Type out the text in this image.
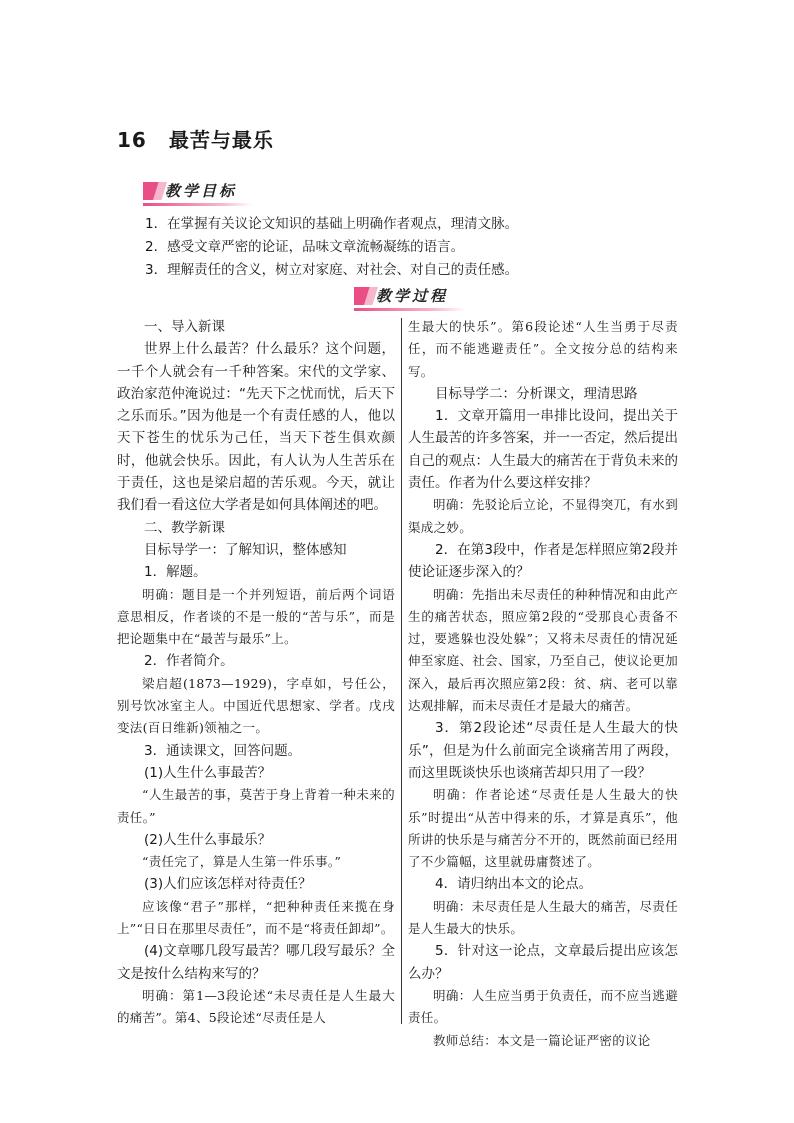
16 最苦与最乐
教学目标
1．在掌握有关议论文知识的基础上明确作者观点，理清文脉。
2．感受文章严密的论证，品味文章流畅凝练的语言。
3．理解责任的含义，树立对家庭、对社会、对自己的责任感。
教学过程

一、导入新课

世界上什么最苦？什么最乐？这个问题，一千个人就会有一千种答案。宋代的文学家、政治家范仲淹说过：“先天下之忧而忧，后天下之乐而乐。”因为他是一个有责任感的人，他以天下苍生的忧乐为己任，当天下苍生俱欢颜时，他就会快乐。因此，有人认为人生苦乐在于责任，这也是梁启超的苦乐观。今天，就让我们看一看这位大学者是如何具体阐述的吧。

二、教学新课

目标导学一：了解知识，整体感知

1．解题。

明确：题目是一个并列短语，前后两个词语意思相反，作者谈的不是一般的“苦与乐”，而是把论题集中在“最苦与最乐”上。

2．作者简介。

梁启超(1873—1929)，字卓如，号任公，别号饮冰室主人。中国近代思想家、学者。戊戌变法(百日维新)领袖之一。

3．通读课文，回答问题。

(1)人生什么事最苦？

“人生最苦的事，莫苦于身上背着一种未来的责任。”

(2)人生什么事最乐？

“责任完了，算是人生第一件乐事。”

(3)人们应该怎样对待责任？

应该像“君子”那样，“把种种责任来揽在身上”“日日在那里尽责任”，而不是“将责任卸却”。

(4)文章哪几段写最苦？哪几段写最乐？全文是按什么结构来写的？

明确：第1—3段论述“未尽责任是人生最大的痛苦”。第4、5段论述“尽责任是人

生最大的快乐”。第6段论述“人生当勇于尽责任，而不能逃避责任”。全文按分总的结构来写。

目标导学二：分析课文，理清思路

1．文章开篇用一串排比设问，提出关于人生最苦的许多答案，并一一否定，然后提出自己的观点：人生最大的痛苦在于背负未来的责任。作者为什么要这样安排？

明确：先驳论后立论，不显得突兀，有水到渠成之妙。

2．在第3段中，作者是怎样照应第2段并使论证逐步深入的？

明确：先指出未尽责任的种种情况和由此产生的痛苦状态，照应第2段的“受那良心责备不过，要逃躲也没处躲”；又将未尽责任的情况延伸至家庭、社会、国家，乃至自己，使议论更加深入，最后再次照应第2段：贫、病、老可以靠达观排解，而未尽责任才是最大的痛苦。

3．第2段论述“尽责任是人生最大的快乐”，但是为什么前面完全谈痛苦用了两段，而这里既谈快乐也谈痛苦却只用了一段？

明确：作者论述“尽责任是人生最大的快乐”时提出“从苦中得来的乐，才算是真乐”，他所讲的快乐是与痛苦分不开的，既然前面已经用了不少篇幅，这里就毋庸赘述了。

4．请归纳出本文的论点。

明确：未尽责任是人生最大的痛苦，尽责任是人生最大的快乐。

5．针对这一论点，文章最后提出应该怎么办？

明确：人生应当勇于负责任，而不应当逃避责任。

教师总结：本文是一篇论证严密的议论
